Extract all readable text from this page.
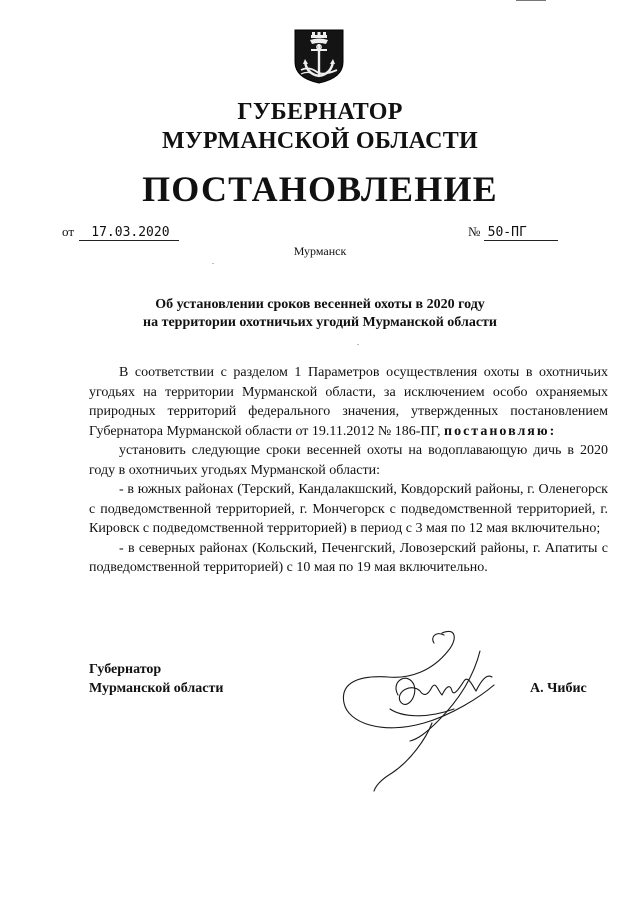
ГУБЕРНАТОР
МУРМАНСКОЙ ОБЛАСТИ
ПОСТАНОВЛЕНИЕ
от 17.03.2020	№ 50-ПГ
Мурманск
Об установлении сроков весенней охоты в 2020 году
на территории охотничьих угодий Мурманской области

В соответствии с разделом 1 Параметров осуществления охоты в охотничьих угодьях на территории Мурманской области, за исключением особо охраняемых природных территорий федерального значения, утвержденных постановлением Губернатора Мурманской области от 19.11.2012 № 186-ПГ, постановляю:

установить следующие сроки весенней охоты на водоплавающую дичь в 2020 году в охотничьих угодьях Мурманской области:

- в южных районах (Терский, Кандалакшский, Ковдорский районы, г. Оленегорск с подведомственной территорией, г. Мончегорск с подведомственной территорией, г. Кировск с подведомственной территорией) в период с 3 мая по 12 мая включительно;

- в северных районах (Кольский, Печенгский, Ловозерский районы, г. Апатиты с подведомственной территорией) с 10 мая по 19 мая включительно.

Губернатор
Мурманской области	А. Чибис
